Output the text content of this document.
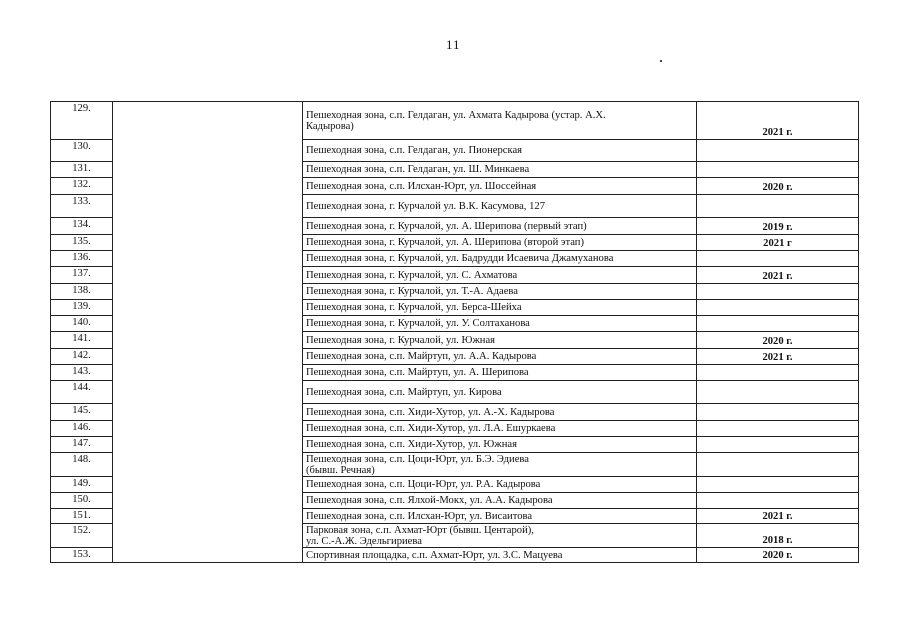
11
129.		Пешеходная зона, с.п. Гелдаган, ул. Ахмата Кадырова (устар. А.Х.
Кадырова)	2021 г.
130.		Пешеходная зона, с.п. Гелдаган, ул. Пионерская	

131.		Пешеходная зона, с.п. Гелдаган, ул. Ш. Минкаева	

132.		Пешеходная зона, с.п. Илсхан-Юрт, ул. Шоссейная	2020 г.
133.		Пешеходная зона, г. Курчалой ул. В.К. Касумова, 127	

134.		Пешеходная зона, г. Курчалой, ул. А. Шерипова (первый этап)	2019 г.
135.		Пешеходная зона, г. Курчалой, ул. А. Шерипова (второй этап)	2021 г
136.		Пешеходная зона, г. Курчалой, ул. Бадрудди Исаевича Джамуханова	

137.		Пешеходная зона, г. Курчалой, ул. С. Ахматова	2021 г.
138.		Пешеходная зона, г. Курчалой, ул. Т.-А. Адаева	

139.		Пешеходная зона, г. Курчалой, ул. Берса-Шейха	

140.		Пешеходная зона, г. Курчалой, ул. У. Солтаханова	

141.		Пешеходная зона, г. Курчалой, ул. Южная	2020 г.
142.		Пешеходная зона, с.п. Майртуп, ул. А.А. Кадырова	2021 г.
143.		Пешеходная зона, с.п. Майртуп, ул. А. Шерипова	

144.		Пешеходная зона, с.п. Майртуп, ул. Кирова	

145.		Пешеходная зона, с.п. Хиди-Хутор, ул. А.-Х. Кадырова	

146.		Пешеходная зона, с.п. Хиди-Хутор, ул. Л.А. Ешуркаева	

147.		Пешеходная зона, с.п. Хиди-Хутор, ул. Южная	

148.		Пешеходная зона, с.п. Цоци-Юрт, ул. Б.Э. Эдиева
(бывш. Речная)	

149.		Пешеходная зона, с.п. Цоци-Юрт, ул. Р.А. Кадырова	

150.		Пешеходная зона, с.п. Ялхой-Мокх, ул. А.А. Кадырова	

151.		Пешеходная зона, с.п. Илсхан-Юрт, ул. Висаитова	2021 г.
152.		Парковая зона, с.п. Ахмат-Юрт (бывш. Центарой),
ул. С.-А.Ж. Эдельгириева	2018 г.
153.		Спортивная площадка, с.п. Ахмат-Юрт, ул. З.С. Мацуева	2020 г.
